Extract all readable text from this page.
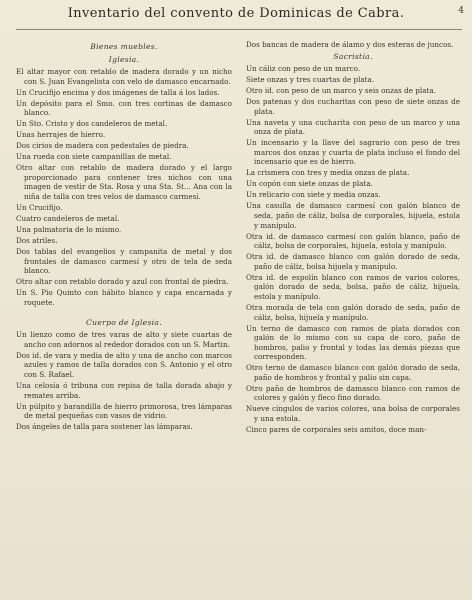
Inventario del convento de Dominicas de Cabra.	4
Bienes muebles.
Iglesia.

El altar mayor con retablo de madera dorado y un nicho con S. Juan Evangelista con velo de damasco encarnado.

Un Crucifijo encima y dos imágenes de talla á los lados.

Un depósito para el Smo. con tres cortinas de damasco blanco.

Un Sto. Cristo y dos candeleros de metal.

Unas herrajes de hierro.

Dos cirios de madera con pedestales de piedra.

Una rueda con siete campanillas de metal.

Otro altar con retablo de madera dorado y el largo proporcionado para contener tres nichos con una imagen de vestir de Sta. Rosa y una Sta. St... Ana con la niña de talla con tres velos de damasco carmesí.

Un Crucifijo.

Cuatro candeleros de metal.

Una palmatoria de lo mismo.

Dos atriles.

Dos tablas del evangelios y campanita de metal y dos frontales de damasco carmesí y otro de tela de seda blanco.

Otro altar con retablo dorado y azul con frontal de piedra.

Un S. Pio Quinto con hábito blanco y capa encarnada y roquete.

Cuerpo de Iglesia.

Un lienzo como de tres varas de alto y siete cuartas de ancho con adornos al rededor dorados con un S. Martin.

Dos id. de vara y media de alto y una de ancho con marcos azules y ramos de talla dorados con S. Antonio y el otro con S. Rafael.

Una celosía ó tribuna con repisa de talla dorada abajo y remates arriba.

Un púlpito y barandilla de hierro primorosa, tres lámparas de metal pequeñas con vasos de vidrio.

Dos ángeles de talla para sostener las lámparas.

Dos bancas de madera de álamo y dos esteras de juncos.

Sacristía.

Un cáliz con peso de un marco.

Siete onzas y tres cuartas de plata.

Otro id. con peso de un marco y seis onzas de plata.

Dos patenas y dos cucharitas con peso de siete onzas de plata.

Una naveta y una cucharita con peso de un marco y una onza de plata.

Un incensario y la llave del sagrario con peso de tres marcos dos onzas y cuarta de plata incluso el fondo del incensario que es de hierro.

La crismera con tres y media onzas de plata.

Un copón con siete onzas de plata.

Un relicario con siete y media onzas.

Una casulla de damasco carmesí con galón blanco de seda, paño de cáliz, bolsa de corporales, hijuela, estola y manípulo.

Otra id. de damasco carmesí con galón blanco, paño de cáliz, bolsa de corporales, hijuela, estola y manípulo.

Otra id. de damasco blanco con galón dorado de seda, paño de cáliz, bolsa hijuela y manípulo.

Otra id. de espolín blanco con ramos de varios colores, galón dorado de seda, bolsa, paño de cáliz, hijuela, estola y manípulo.

Otra morada de tela con galón dorado de seda, paño de cáliz, bolsa, hijuela y manípulo.

Un terno de damasco con ramos de plata dorados con galón de lo mismo con su capa de coro, paño de hombros, palio y frontal y todas las demás piezas que corresponden.

Otro terno de damasco blanco con galón dorado de seda, paño de hombros y frontal y palio sin capa.

Otro paño de hombros de damasco blanco con ramos de colores y galón y fleco fino dorado.

Nueve cíngulos de varios colores, una bolsa de corporales y una estola.

Cinco pares de corporales seis amitos, doce man-
